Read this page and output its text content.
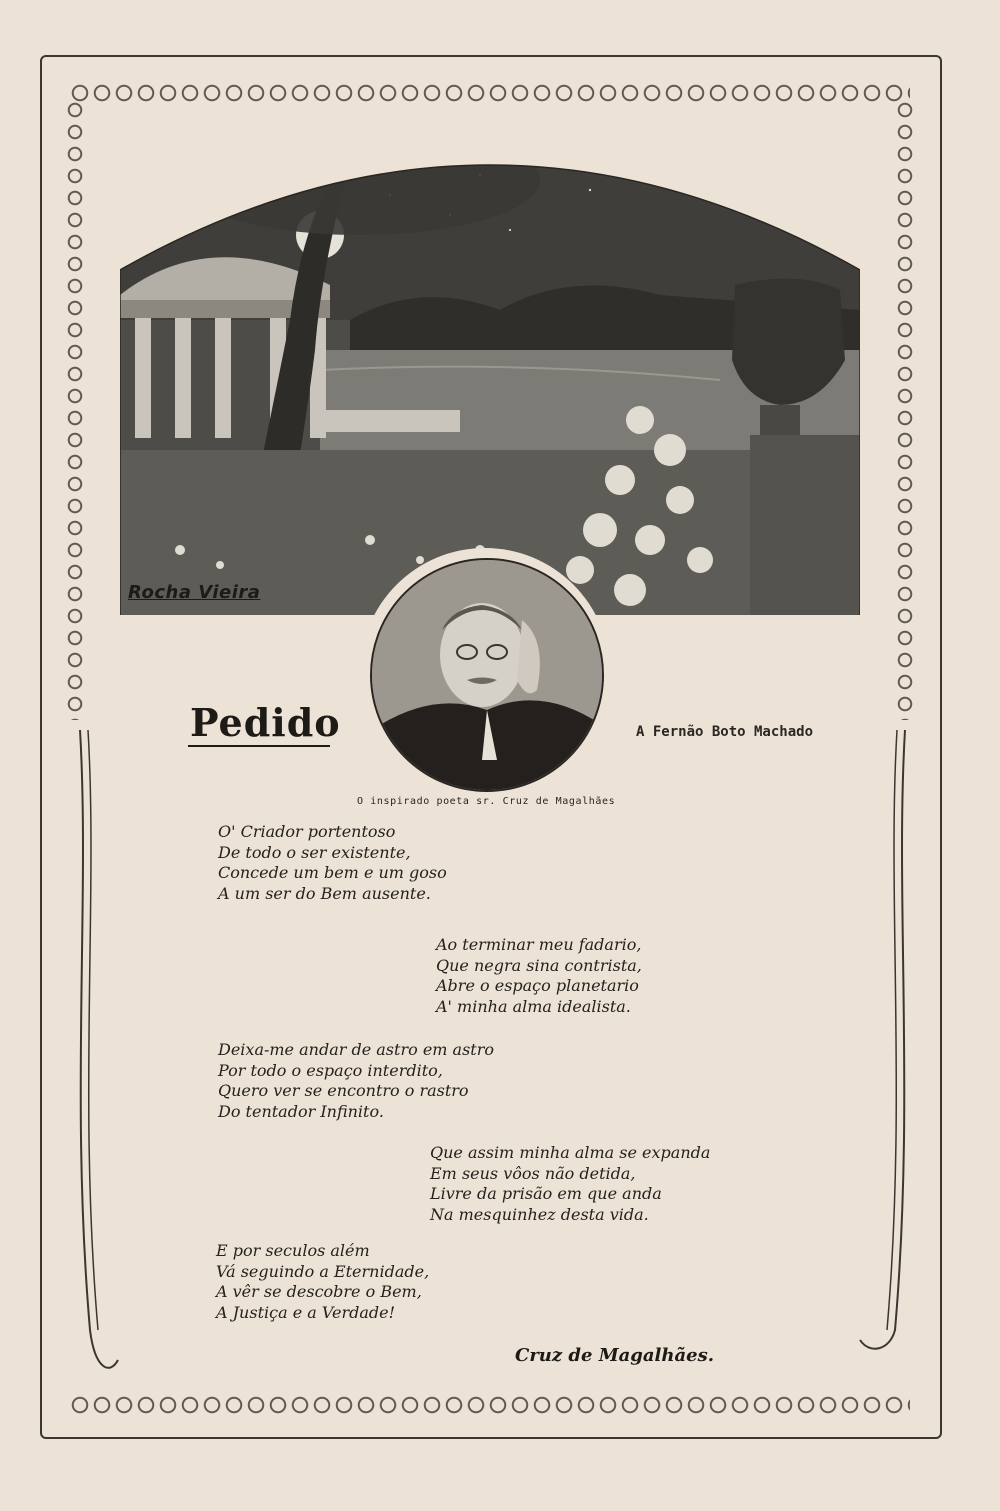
Rocha Vieira
Pedido	A Fernão Boto Machado
O inspirado poeta sr. Cruz de Magalhães
O' Criador portentoso
De todo o ser existente,
Concede um bem e um goso
A um ser do Bem ausente.
Ao terminar meu fadario,
Que negra sina contrista,
Abre o espaço planetario
A' minha alma idealista.
Deixa-me andar de astro em astro
Por todo o espaço interdito,
Quero ver se encontro o rastro
Do tentador Infinito.
Que assim minha alma se expanda
Em seus vôos não detida,
Livre da prisão em que anda
Na mesquinhez desta vida.
E por seculos além
Vá seguindo a Eternidade,
A vêr se descobre o Bem,
A Justiça e a Verdade!
Cruz de Magalhães.
